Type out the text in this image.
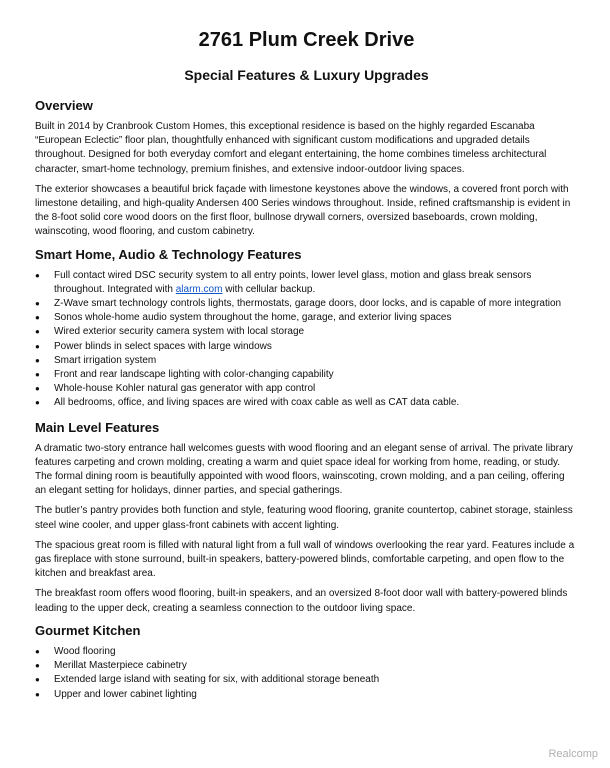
2761 Plum Creek Drive
Special Features & Luxury Upgrades
Overview

Built in 2014 by Cranbrook Custom Homes, this exceptional residence is based on the highly regarded Escanaba “European Eclectic” floor plan, thoughtfully enhanced with significant custom modifications and upgraded details throughout. Designed for both everyday comfort and elegant entertaining, the home combines timeless architectural character, smart-home technology, premium finishes, and extensive indoor-outdoor living spaces.

The exterior showcases a beautiful brick façade with limestone keystones above the windows, a covered front porch with limestone detailing, and high-quality Andersen 400 Series windows throughout. Inside, refined craftsmanship is evident in the 8-foot solid core wood doors on the first floor, bullnose drywall corners, oversized baseboards, crown molding, wainscoting, wood flooring, and custom cabinetry.

Smart Home, Audio & Technology Features
● Full contact wired DSC security system to all entry points, lower level glass, motion and glass break sensors throughout. Integrated with alarm.com with cellular backup.
● Z-Wave smart technology controls lights, thermostats, garage doors, door locks, and is capable of more integration
● Sonos whole-home audio system throughout the home, garage, and exterior living spaces
● Wired exterior security camera system with local storage
● Power blinds in select spaces with large windows
● Smart irrigation system
● Front and rear landscape lighting with color-changing capability
● Whole-house Kohler natural gas generator with app control
● All bedrooms, office, and living spaces are wired with coax cable as well as CAT data cable.
Main Level Features

A dramatic two-story entrance hall welcomes guests with wood flooring and an elegant sense of arrival. The private library features carpeting and crown molding, creating a warm and quiet space ideal for working from home, reading, or study. The formal dining room is beautifully appointed with wood floors, wainscoting, crown molding, and a pan ceiling, offering an elegant setting for holidays, dinner parties, and special gatherings.

The butler’s pantry provides both function and style, featuring wood flooring, granite countertop, cabinet storage, stainless steel wine cooler, and upper glass-front cabinets with accent lighting.

The spacious great room is filled with natural light from a full wall of windows overlooking the rear yard. Features include a gas fireplace with stone surround, built-in speakers, battery-powered blinds, comfortable carpeting, and open flow to the kitchen and breakfast area.

The breakfast room offers wood flooring, built-in speakers, and an oversized 8-foot door wall with battery-powered blinds leading to the upper deck, creating a seamless connection to the outdoor living space.

Gourmet Kitchen
● Wood flooring
● Merillat Masterpiece cabinetry
● Extended large island with seating for six, with additional storage beneath
● Upper and lower cabinet lighting
Realcomp
